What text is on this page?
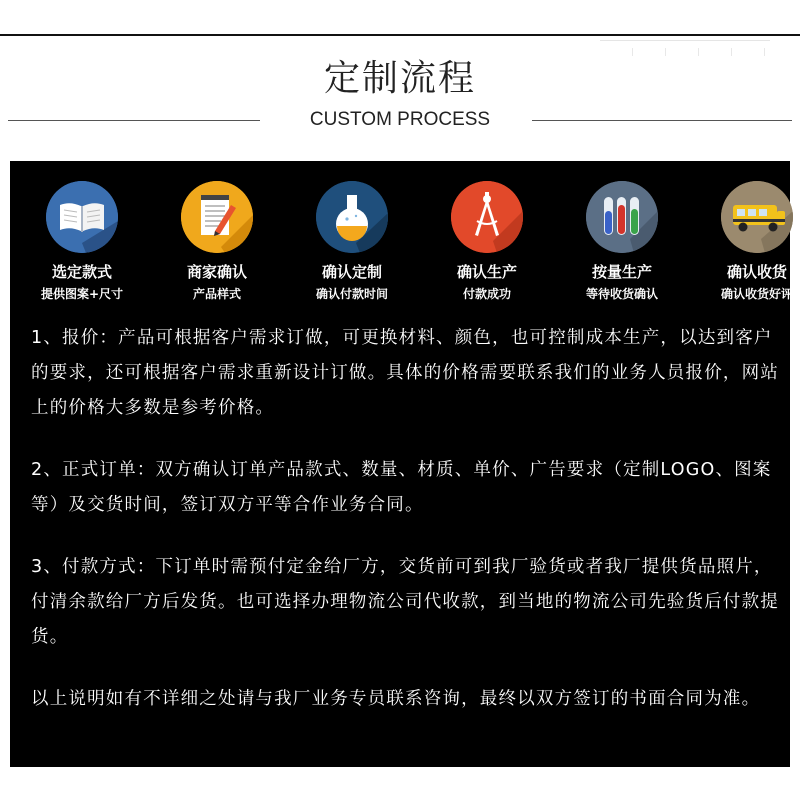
定制流程
CUSTOM PROCESS
选定款式
提供图案+尺寸
商家确认
产品样式
确认定制
确认付款时间
确认生产
付款成功
按量生产
等待收货确认
确认收货
确认收货好评

1、报价：产品可根据客户需求订做，可更换材料、颜色，也可控制成本生产，以达到客户的要求，还可根据客户需求重新设计订做。具体的价格需要联系我们的业务人员报价，网站上的价格大多数是参考价格。

2、正式订单：双方确认订单产品款式、数量、材质、单价、广告要求（定制LOGO、图案等）及交货时间，签订双方平等合作业务合同。

3、付款方式：下订单时需预付定金给厂方，交货前可到我厂验货或者我厂提供货品照片，付清余款给厂方后发货。也可选择办理物流公司代收款，到当地的物流公司先验货后付款提货。

以上说明如有不详细之处请与我厂业务专员联系咨询，最终以双方签订的书面合同为准。
